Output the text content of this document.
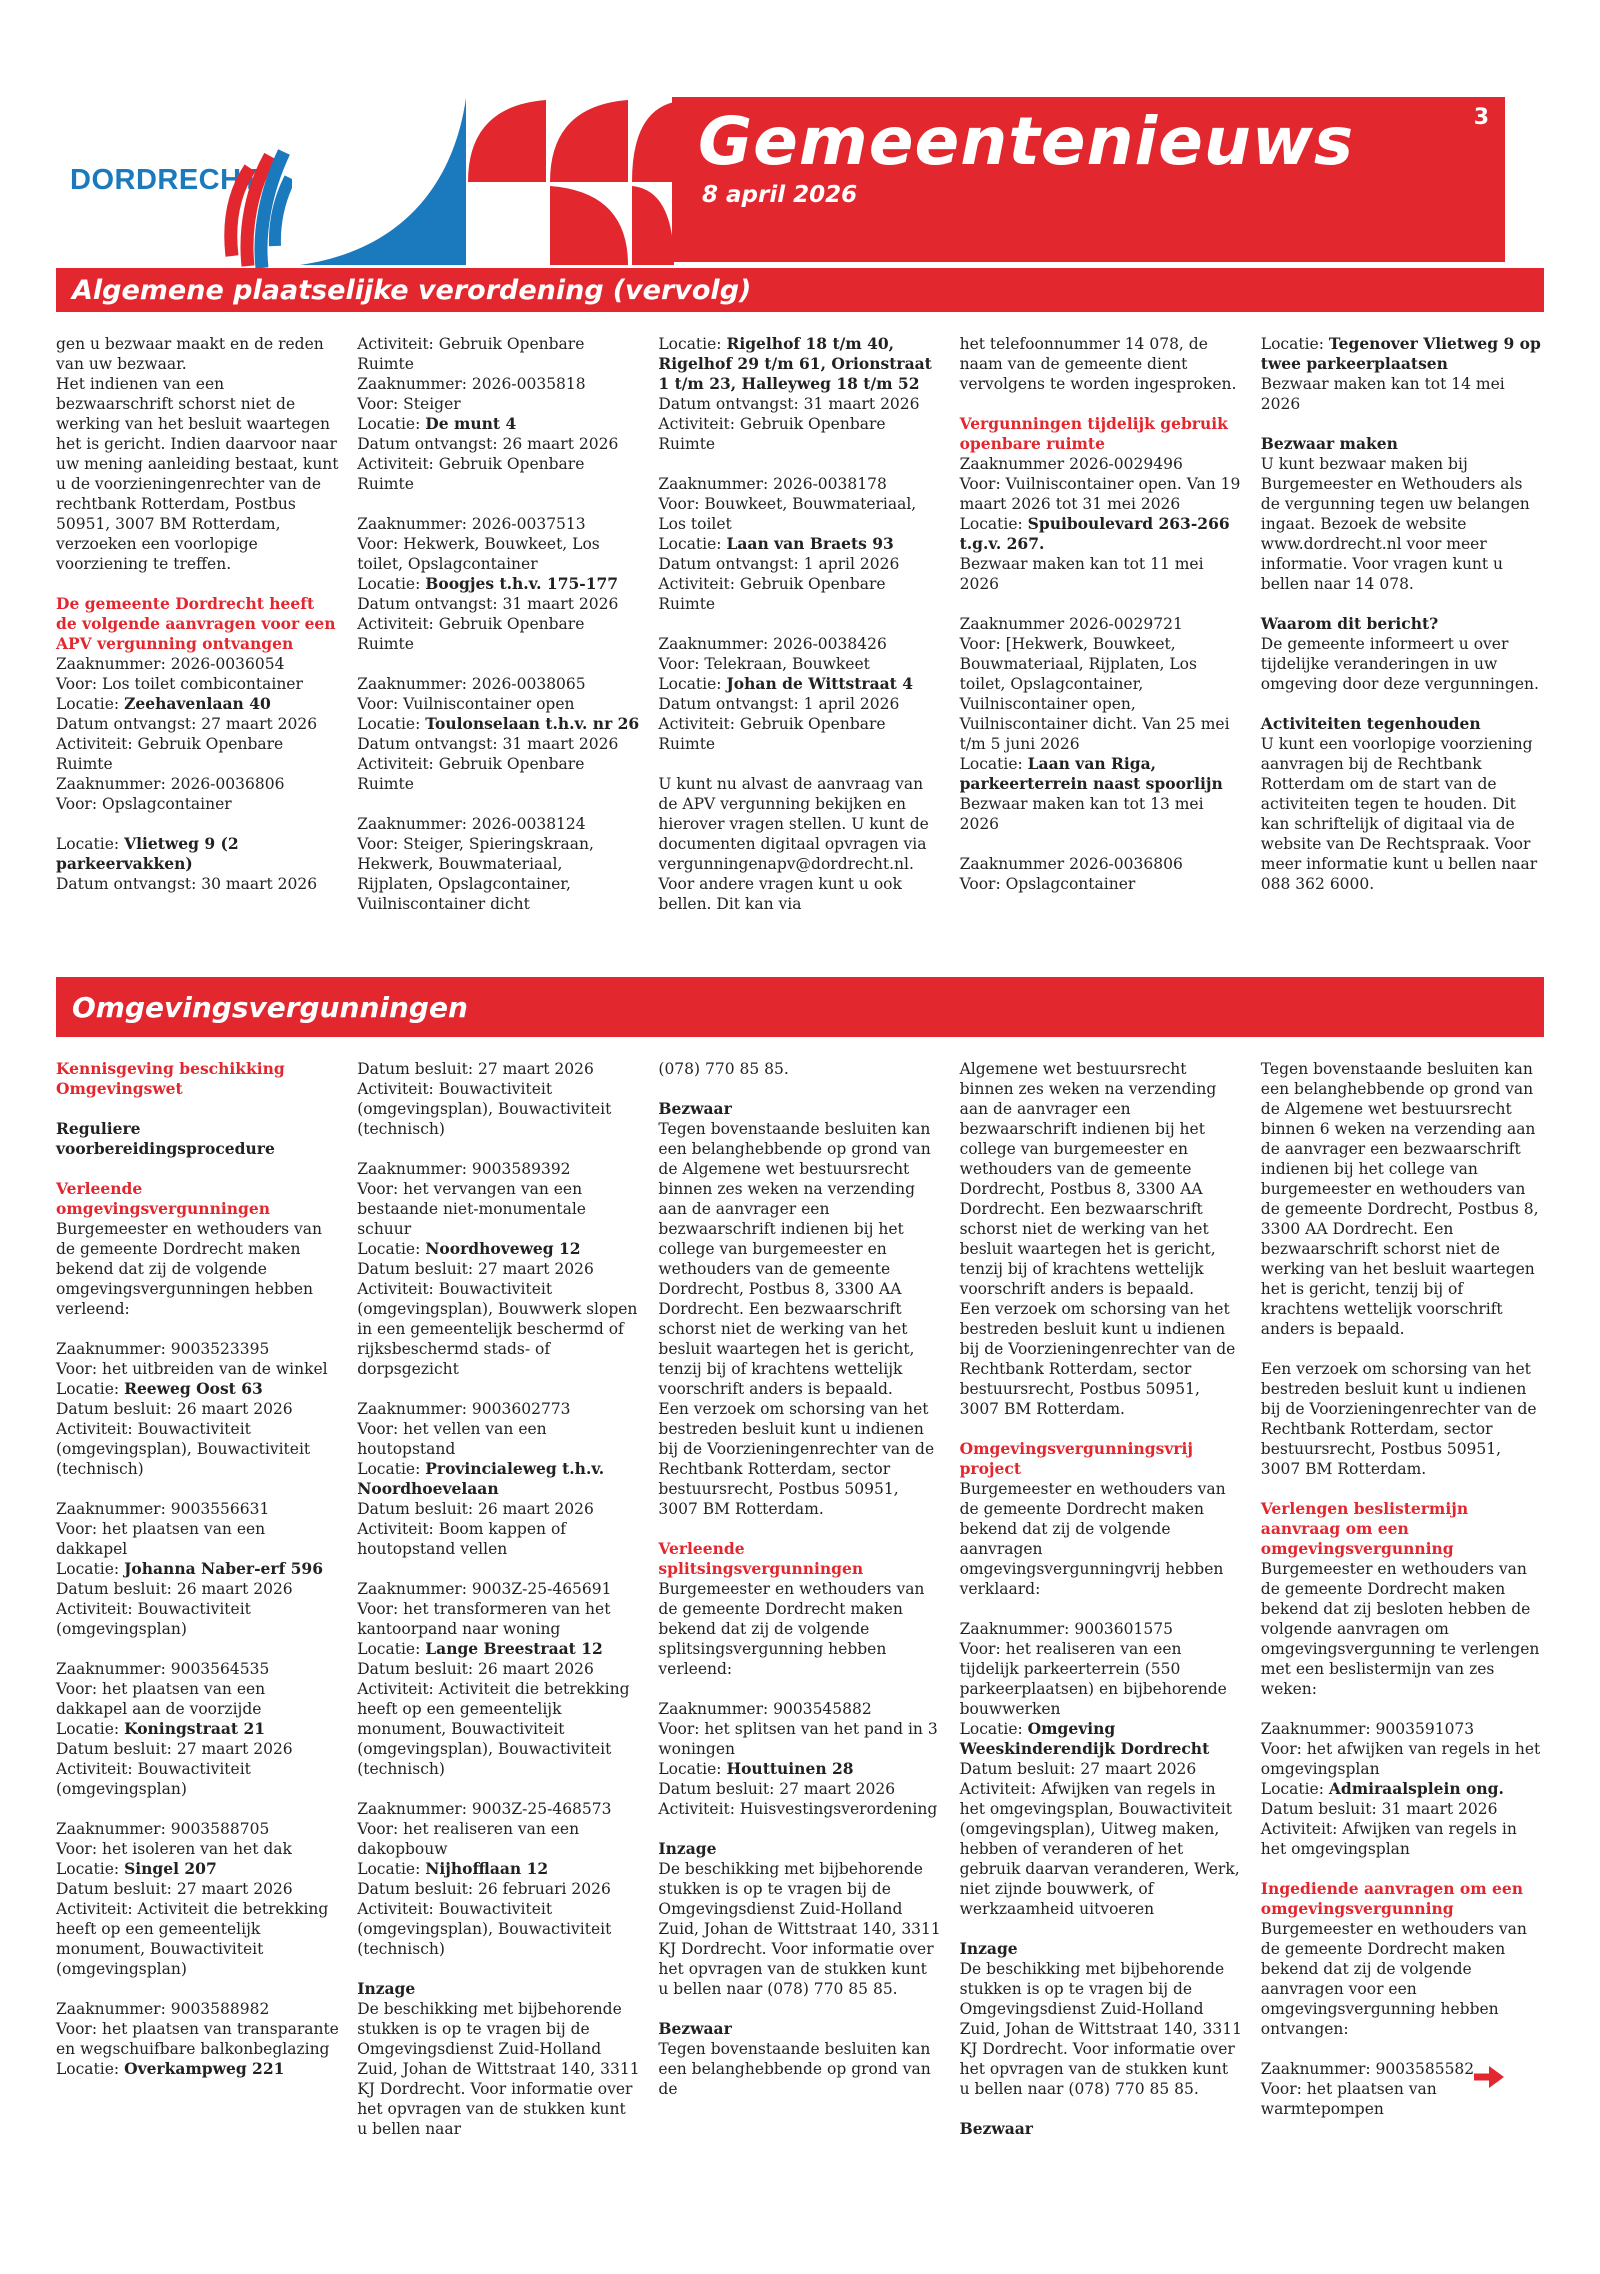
DORDRECHT
3
Gemeentenieuws
8 april 2026
Algemene plaatselijke verordening (vervolg)

gen u bezwaar maakt en de reden van uw bezwaar.

Het indienen van een bezwaarschrift schorst niet de werking van het besluit waartegen het is gericht. Indien daarvoor naar uw mening aanleiding bestaat, kunt u de voorzieningenrechter van de rechtbank Rotterdam, Postbus 50951, 3007 BM Rotterdam, verzoeken een voorlopige voorziening te treffen.

De gemeente Dordrecht heeft de volgende aanvragen voor een APV vergunning ontvangen

Zaaknummer: 2026-0036054

Voor: Los toilet combicontainer

Locatie: Zeehavenlaan 40

Datum ontvangst: 27 maart 2026

Activiteit: Gebruik Openbare Ruimte

Zaaknummer: 2026-0036806

Voor: Opslagcontainer

Locatie: Vlietweg 9 (2 parkeervakken)

Datum ontvangst: 30 maart 2026

Activiteit: Gebruik Openbare Ruimte

Zaaknummer: 2026-0035818

Voor: Steiger

Locatie: De munt 4

Datum ontvangst: 26 maart 2026

Activiteit: Gebruik Openbare Ruimte

Zaaknummer: 2026-0037513

Voor: Hekwerk, Bouwkeet, Los toilet, Opslagcontainer

Locatie: Boogjes t.h.v. 175-177

Datum ontvangst: 31 maart 2026

Activiteit: Gebruik Openbare Ruimte

Zaaknummer: 2026-0038065

Voor: Vuilniscontainer open

Locatie: Toulonselaan t.h.v. nr 26

Datum ontvangst: 31 maart 2026

Activiteit: Gebruik Openbare Ruimte

Zaaknummer: 2026-0038124

Voor: Steiger, Spieringskraan, Hekwerk, Bouwmateriaal, Rijplaten, Opslagcontainer, Vuilniscontainer dicht

Locatie: Rigelhof 18 t/m 40, Rigelhof 29 t/m 61, Orionstraat 1 t/m 23, Halleyweg 18 t/m 52

Datum ontvangst: 31 maart 2026

Activiteit: Gebruik Openbare Ruimte

Zaaknummer: 2026-0038178

Voor: Bouwkeet, Bouwmateriaal, Los toilet

Locatie: Laan van Braets 93

Datum ontvangst: 1 april 2026

Activiteit: Gebruik Openbare Ruimte

Zaaknummer: 2026-0038426

Voor: Telekraan, Bouwkeet

Locatie: Johan de Wittstraat 4

Datum ontvangst: 1 april 2026

Activiteit: Gebruik Openbare Ruimte

U kunt nu alvast de aanvraag van de APV vergunning bekijken en hierover vragen stellen. U kunt de documenten digitaal opvragen via vergunningenapv@dordrecht.nl. Voor andere vragen kunt u ook bellen. Dit kan via

het telefoonnummer 14 078, de naam van de gemeente dient vervolgens te worden ingesproken.

Vergunningen tijdelijk gebruik openbare ruimte

Zaaknummer 2026-0029496

Voor: Vuilniscontainer open. Van 19 maart 2026 tot 31 mei 2026

Locatie: Spuiboulevard 263-266 t.g.v. 267.

Bezwaar maken kan tot 11 mei 2026

Zaaknummer 2026-0029721

Voor: [Hekwerk, Bouwkeet, Bouwmateriaal, Rijplaten, Los toilet, Opslagcontainer, Vuilniscontainer open, Vuilniscontainer dicht. Van 25 mei t/m 5 juni 2026

Locatie: Laan van Riga, parkeerterrein naast spoorlijn

Bezwaar maken kan tot 13 mei 2026

Zaaknummer 2026-0036806

Voor: Opslagcontainer

Locatie: Tegenover Vlietweg 9 op twee parkeerplaatsen

Bezwaar maken kan tot 14 mei 2026

Bezwaar maken

U kunt bezwaar maken bij Burgemeester en Wethouders als de vergunning tegen uw belangen ingaat. Bezoek de website www.dordrecht.nl voor meer informatie. Voor vragen kunt u bellen naar 14 078.

Waarom dit bericht?

De gemeente informeert u over tijdelijke veranderingen in uw omgeving door deze vergunningen.

Activiteiten tegenhouden

U kunt een voorlopige voorziening aanvragen bij de Rechtbank Rotterdam om de start van de activiteiten tegen te houden. Dit kan schriftelijk of digitaal via de website van De Rechtspraak. Voor meer informatie kunt u bellen naar 088 362 6000.

Omgevingsvergunningen

Kennisgeving beschikking Omgevingswet

Reguliere voorbereidingsprocedure

Verleende omgevingsvergunningen

Burgemeester en wethouders van de gemeente Dordrecht maken bekend dat zij de volgende omgevingsvergunningen hebben verleend:

Zaaknummer: 9003523395

Voor: het uitbreiden van de winkel

Locatie: Reeweg Oost 63

Datum besluit: 26 maart 2026

Activiteit: Bouwactiviteit (omgevingsplan), Bouwactiviteit (technisch)

Zaaknummer: 9003556631

Voor: het plaatsen van een dakkapel

Locatie: Johanna Naber-erf 596

Datum besluit: 26 maart 2026

Activiteit: Bouwactiviteit (omgevingsplan)

Zaaknummer: 9003564535

Voor: het plaatsen van een dakkapel aan de voorzijde

Locatie: Koningstraat 21

Datum besluit: 27 maart 2026

Activiteit: Bouwactiviteit (omgevingsplan)

Zaaknummer: 9003588705

Voor: het isoleren van het dak

Locatie: Singel 207

Datum besluit: 27 maart 2026

Activiteit: Activiteit die betrekking heeft op een gemeentelijk monument, Bouwactiviteit (omgevingsplan)

Zaaknummer: 9003588982

Voor: het plaatsen van transparante en wegschuifbare balkonbeglazing

Locatie: Overkampweg 221

Datum besluit: 27 maart 2026

Activiteit: Bouwactiviteit (omgevingsplan), Bouwactiviteit (technisch)

Zaaknummer: 9003589392

Voor: het vervangen van een bestaande niet-monumentale schuur

Locatie: Noordhoveweg 12

Datum besluit: 27 maart 2026

Activiteit: Bouwactiviteit (omgevingsplan), Bouwwerk slopen in een gemeentelijk beschermd of rijksbeschermd stads- of dorpsgezicht

Zaaknummer: 9003602773

Voor: het vellen van een houtopstand

Locatie: Provincialeweg t.h.v. Noordhoevelaan

Datum besluit: 26 maart 2026

Activiteit: Boom kappen of houtopstand vellen

Zaaknummer: 9003Z-25-465691

Voor: het transformeren van het kantoorpand naar woning

Locatie: Lange Breestraat 12

Datum besluit: 26 maart 2026

Activiteit: Activiteit die betrekking heeft op een gemeentelijk monument, Bouwactiviteit (omgevingsplan), Bouwactiviteit (technisch)

Zaaknummer: 9003Z-25-468573

Voor: het realiseren van een dakopbouw

Locatie: Nijhofflaan 12

Datum besluit: 26 februari 2026

Activiteit: Bouwactiviteit (omgevingsplan), Bouwactiviteit (technisch)

Inzage

De beschikking met bijbehorende stukken is op te vragen bij de Omgevingsdienst Zuid-Holland Zuid, Johan de Wittstraat 140, 3311 KJ Dordrecht. Voor informatie over het opvragen van de stukken kunt u bellen naar

(078) 770 85 85.

Bezwaar

Tegen bovenstaande besluiten kan een belanghebbende op grond van de Algemene wet bestuursrecht binnen zes weken na verzending aan de aanvrager een bezwaarschrift indienen bij het college van burgemeester en wethouders van de gemeente Dordrecht, Postbus 8, 3300 AA Dordrecht. Een bezwaarschrift schorst niet de werking van het besluit waartegen het is gericht, tenzij bij of krachtens wettelijk voorschrift anders is bepaald.

Een verzoek om schorsing van het bestreden besluit kunt u indienen bij de Voorzieningenrechter van de Rechtbank Rotterdam, sector bestuursrecht, Postbus 50951, 3007 BM Rotterdam.

Verleende splitsingsvergunningen

Burgemeester en wethouders van de gemeente Dordrecht maken bekend dat zij de volgende splitsingsvergunning hebben verleend:

Zaaknummer: 9003545882

Voor: het splitsen van het pand in 3 woningen

Locatie: Houttuinen 28

Datum besluit: 27 maart 2026

Activiteit: Huisvestingsverordening

Inzage

De beschikking met bijbehorende stukken is op te vragen bij de Omgevingsdienst Zuid-Holland Zuid, Johan de Wittstraat 140, 3311 KJ Dordrecht. Voor informatie over het opvragen van de stukken kunt u bellen naar (078) 770 85 85.

Bezwaar

Tegen bovenstaande besluiten kan een belanghebbende op grond van de

Algemene wet bestuursrecht binnen zes weken na verzending aan de aanvrager een bezwaarschrift indienen bij het college van burgemeester en wethouders van de gemeente Dordrecht, Postbus 8, 3300 AA Dordrecht. Een bezwaarschrift schorst niet de werking van het besluit waartegen het is gericht, tenzij bij of krachtens wettelijk voorschrift anders is bepaald.

Een verzoek om schorsing van het bestreden besluit kunt u indienen bij de Voorzieningenrechter van de Rechtbank Rotterdam, sector bestuursrecht, Postbus 50951, 3007 BM Rotterdam.

Omgevingsvergunningsvrij project

Burgemeester en wethouders van de gemeente Dordrecht maken bekend dat zij de volgende aanvragen omgevingsvergunningvrij hebben verklaard:

Zaaknummer: 9003601575

Voor: het realiseren van een tijdelijk parkeerterrein (550 parkeerplaatsen) en bijbehorende bouwwerken

Locatie: Omgeving Weeskinderendijk Dordrecht

Datum besluit: 27 maart 2026

Activiteit: Afwijken van regels in het omgevingsplan, Bouwactiviteit (omgevingsplan), Uitweg maken, hebben of veranderen of het gebruik daarvan veranderen, Werk, niet zijnde bouwwerk, of werkzaamheid uitvoeren

Inzage

De beschikking met bijbehorende stukken is op te vragen bij de Omgevingsdienst Zuid-Holland Zuid, Johan de Wittstraat 140, 3311 KJ Dordrecht. Voor informatie over het opvragen van de stukken kunt u bellen naar (078) 770 85 85.

Bezwaar

Tegen bovenstaande besluiten kan een belanghebbende op grond van de Algemene wet bestuursrecht binnen 6 weken na verzending aan de aanvrager een bezwaarschrift indienen bij het college van burgemeester en wethouders van de gemeente Dordrecht, Postbus 8, 3300 AA Dordrecht. Een bezwaarschrift schorst niet de werking van het besluit waartegen het is gericht, tenzij bij of krachtens wettelijk voorschrift anders is bepaald.

Een verzoek om schorsing van het bestreden besluit kunt u indienen bij de Voorzieningenrechter van de Rechtbank Rotterdam, sector bestuursrecht, Postbus 50951, 3007 BM Rotterdam.

Verlengen beslistermijn aanvraag om een omgevingsvergunning

Burgemeester en wethouders van de gemeente Dordrecht maken bekend dat zij besloten hebben de volgende aanvragen om omgevingsvergunning te verlengen met een beslistermijn van zes weken:

Zaaknummer: 9003591073

Voor: het afwijken van regels in het omgevingsplan

Locatie: Admiraalsplein ong.

Datum besluit: 31 maart 2026

Activiteit: Afwijken van regels in het omgevingsplan

Ingediende aanvragen om een omgevingsvergunning

Burgemeester en wethouders van de gemeente Dordrecht maken bekend dat zij de volgende aanvragen voor een omgevingsvergunning hebben ontvangen:

Zaaknummer: 9003585582

Voor: het plaatsen van warmtepompen
